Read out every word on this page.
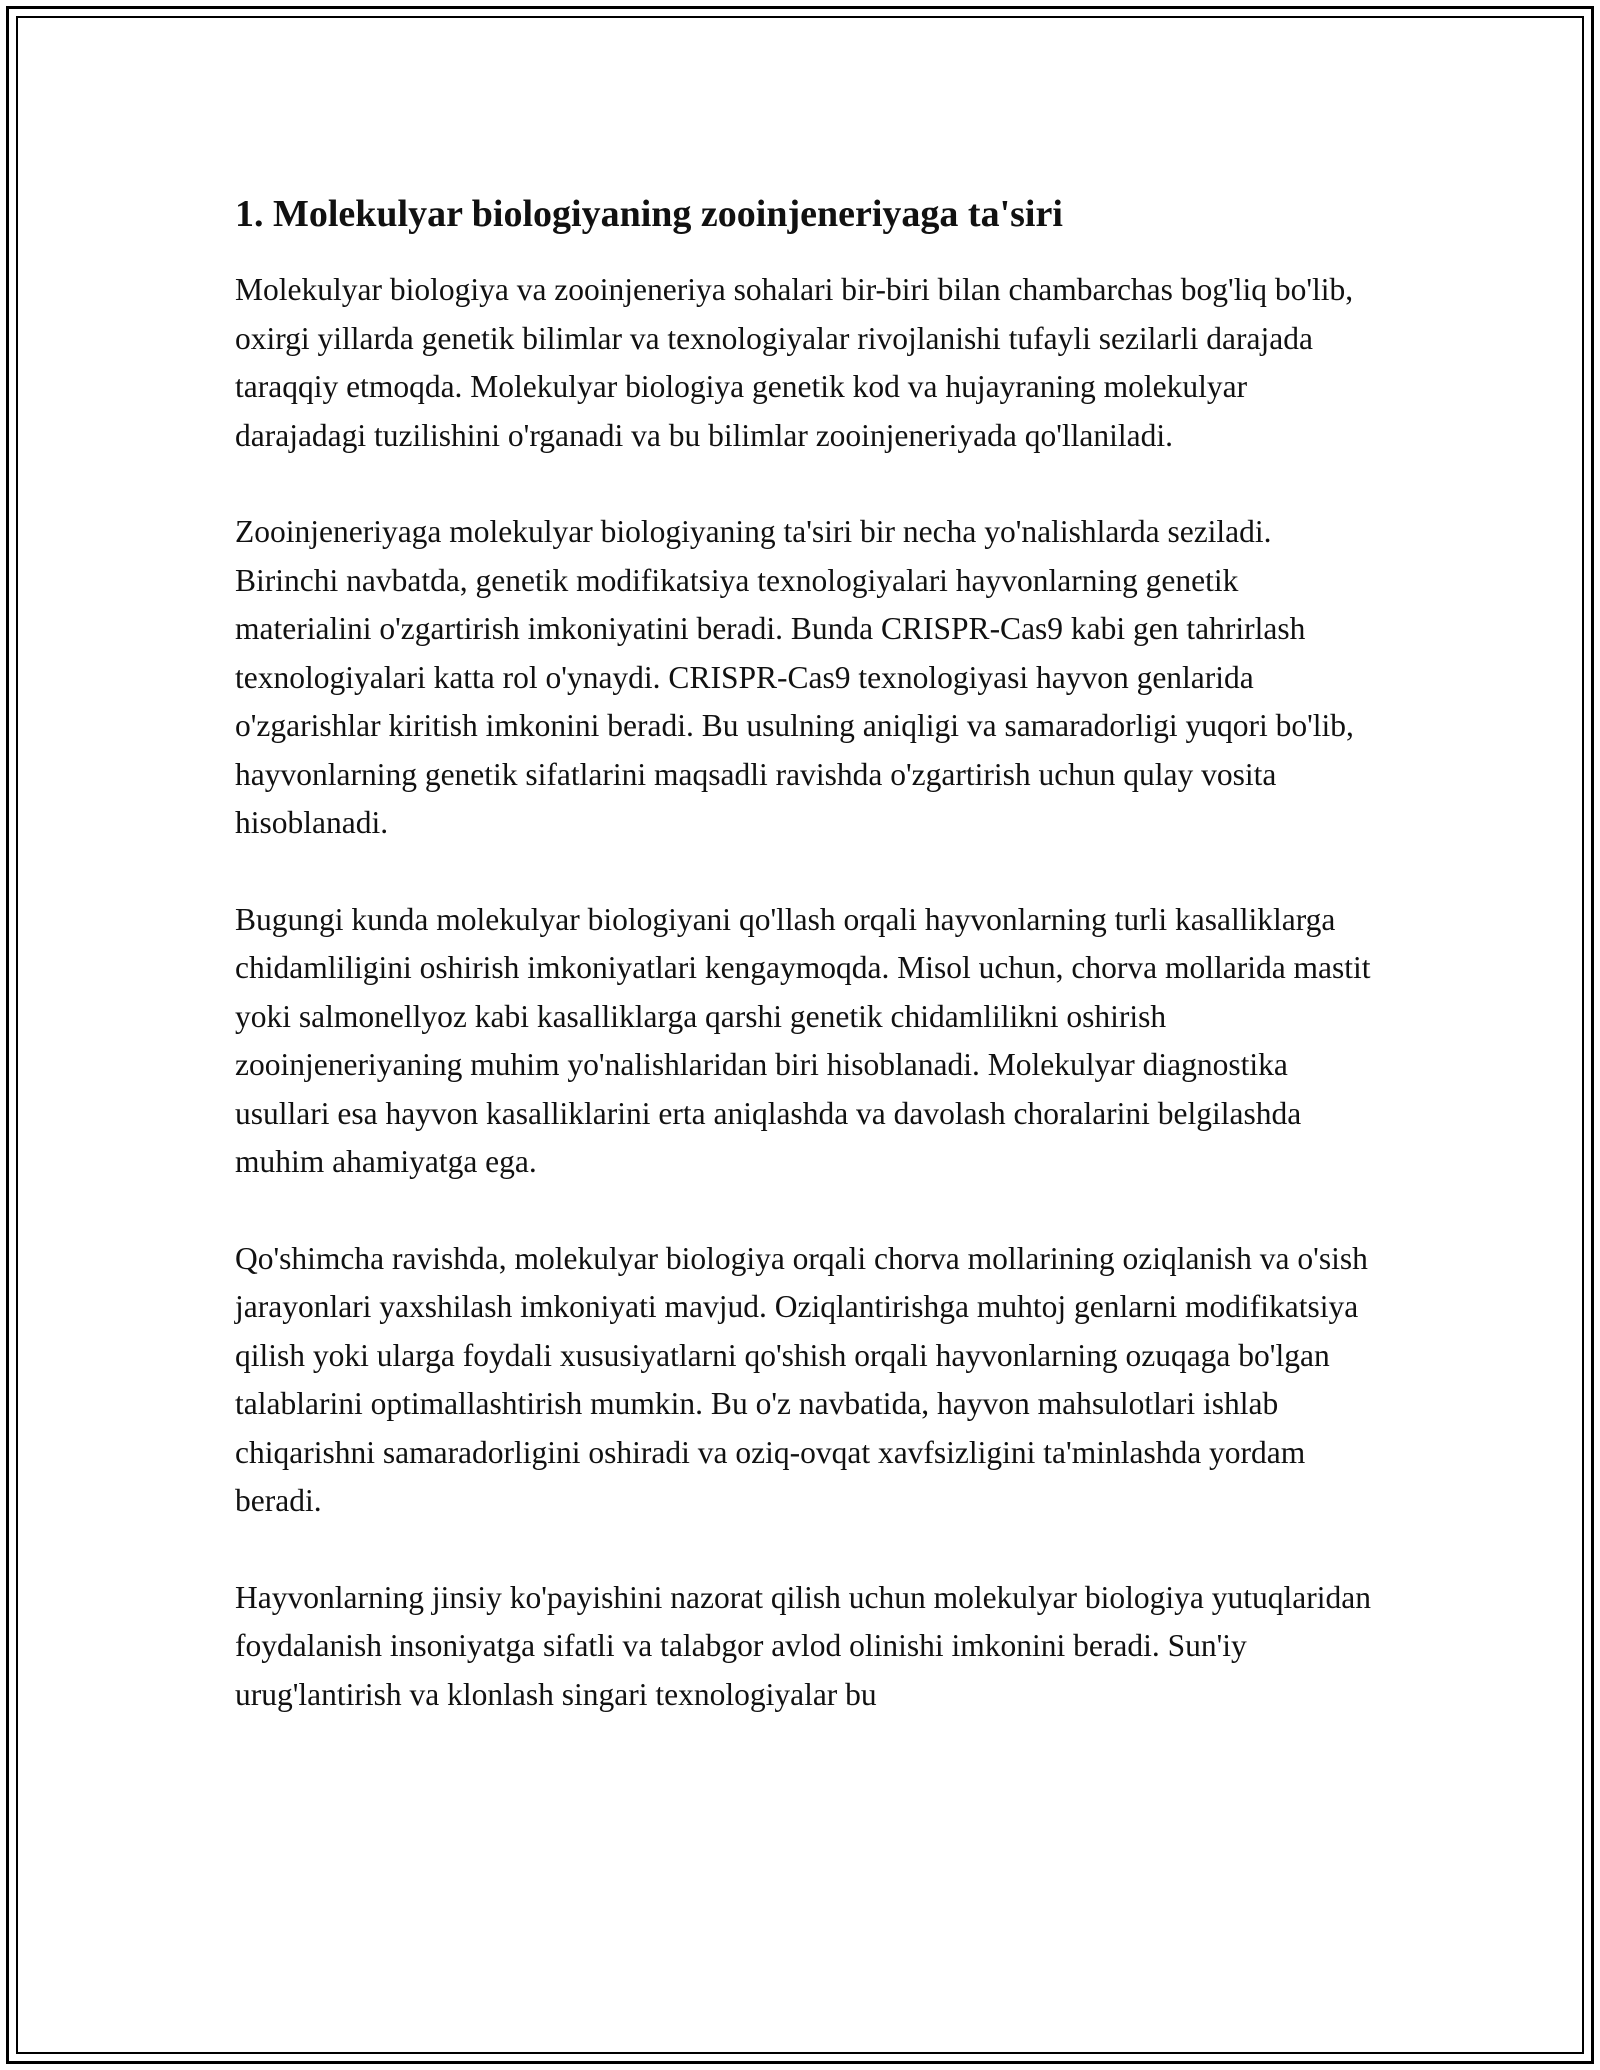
1. Molekulyar biologiyaning zooinjeneriyaga ta'siri

Molekulyar biologiya va zooinjeneriya sohalari bir-biri bilan chambarchas bog'liq bo'lib, oxirgi yillarda genetik bilimlar va texnologiyalar rivojlanishi tufayli sezilarli darajada taraqqiy etmoqda. Molekulyar biologiya genetik kod va hujayraning molekulyar darajadagi tuzilishini o'rganadi va bu bilimlar zooinjeneriyada qo'llaniladi.

Zooinjeneriyaga molekulyar biologiyaning ta'siri bir necha yo'nalishlarda seziladi. Birinchi navbatda, genetik modifikatsiya texnologiyalari hayvonlarning genetik materialini o'zgartirish imkoniyatini beradi. Bunda CRISPR-Cas9 kabi gen tahrirlash texnologiyalari katta rol o'ynaydi. CRISPR-Cas9 texnologiyasi hayvon genlarida o'zgarishlar kiritish imkonini beradi. Bu usulning aniqligi va samaradorligi yuqori bo'lib, hayvonlarning genetik sifatlarini maqsadli ravishda o'zgartirish uchun qulay vosita hisoblanadi.

Bugungi kunda molekulyar biologiyani qo'llash orqali hayvonlarning turli kasalliklarga chidamliligini oshirish imkoniyatlari kengaymoqda. Misol uchun, chorva mollarida mastit yoki salmonellyoz kabi kasalliklarga qarshi genetik chidamlilikni oshirish zooinjeneriyaning muhim yo'nalishlaridan biri hisoblanadi. Molekulyar diagnostika usullari esa hayvon kasalliklarini erta aniqlashda va davolash choralarini belgilashda muhim ahamiyatga ega.

Qo'shimcha ravishda, molekulyar biologiya orqali chorva mollarining oziqlanish va o'sish jarayonlari yaxshilash imkoniyati mavjud. Oziqlantirishga muhtoj genlarni modifikatsiya qilish yoki ularga foydali xususiyatlarni qo'shish orqali hayvonlarning ozuqaga bo'lgan talablarini optimallashtirish mumkin. Bu o'z navbatida, hayvon mahsulotlari ishlab chiqarishni samaradorligini oshiradi va oziq-ovqat xavfsizligini ta'minlashda yordam beradi.

Hayvonlarning jinsiy ko'payishini nazorat qilish uchun molekulyar biologiya yutuqlaridan foydalanish insoniyatga sifatli va talabgor avlod olinishi imkonini beradi. Sun'iy urug'lantirish va klonlash singari texnologiyalar bu
